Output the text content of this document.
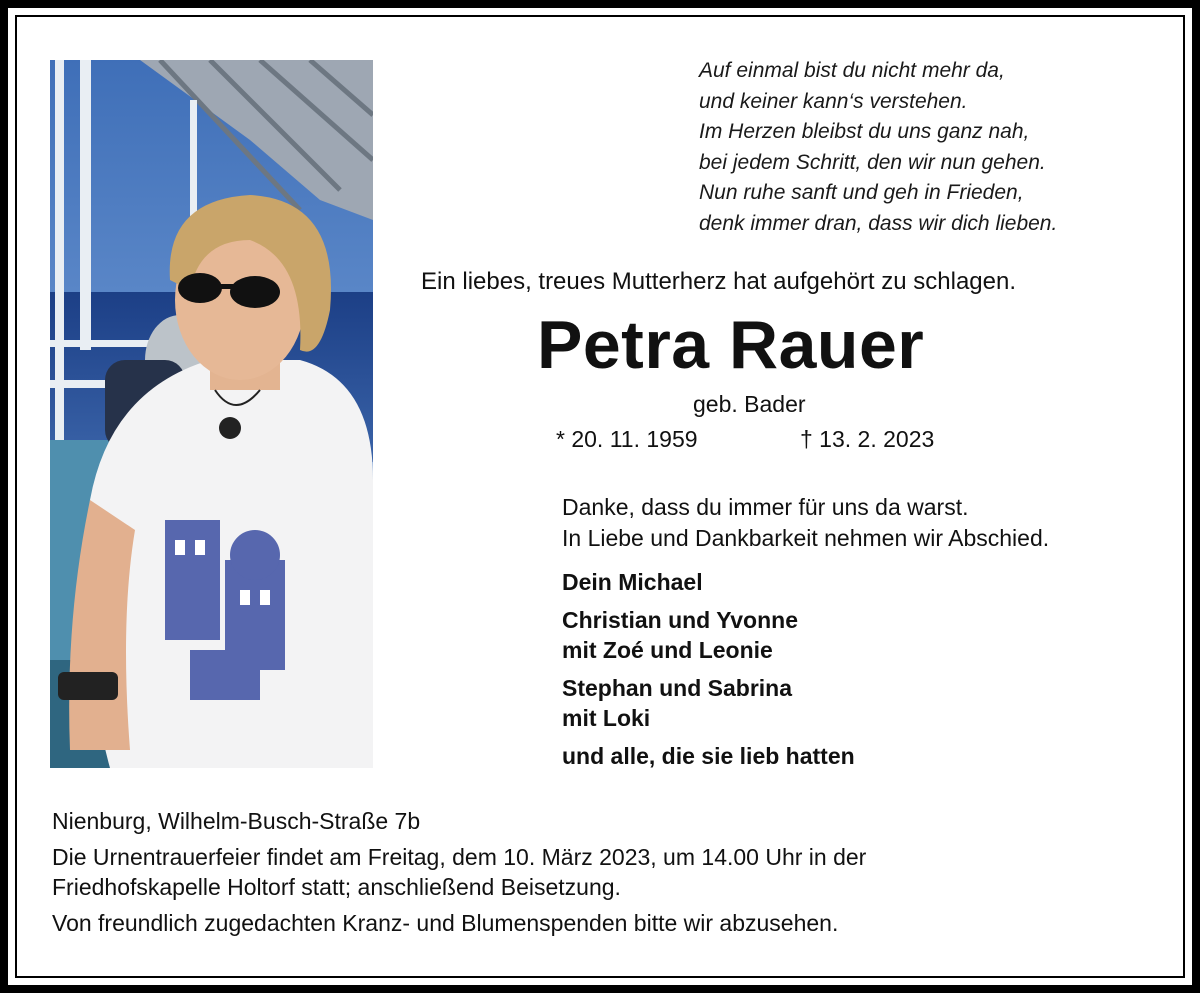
Auf einmal bist du nicht mehr da,
und keiner kann‘s verstehen.
Im Herzen bleibst du uns ganz nah,
bei jedem Schritt, den wir nun gehen.
Nun ruhe sanft und geh in Frieden,
denk immer dran, dass wir dich lieben.
Ein liebes, treues Mutterherz hat aufgehört zu schlagen.
Petra Rauer
geb. Bader
* 20. 11. 1959	† 13. 2. 2023
Danke, dass du immer für uns da warst.
In Liebe und Dankbarkeit nehmen wir Abschied.
Dein Michael
Christian und Yvonne
mit Zoé und Leonie
Stephan und Sabrina
mit Loki
und alle, die sie lieb hatten
Nienburg, Wilhelm-Busch-Straße 7b
Die Urnentrauerfeier findet am Freitag, dem 10. März 2023, um 14.00 Uhr in der
Friedhofskapelle Holtorf statt; anschließend Beisetzung.
Von freundlich zugedachten Kranz- und Blumenspenden bitte wir abzusehen.
